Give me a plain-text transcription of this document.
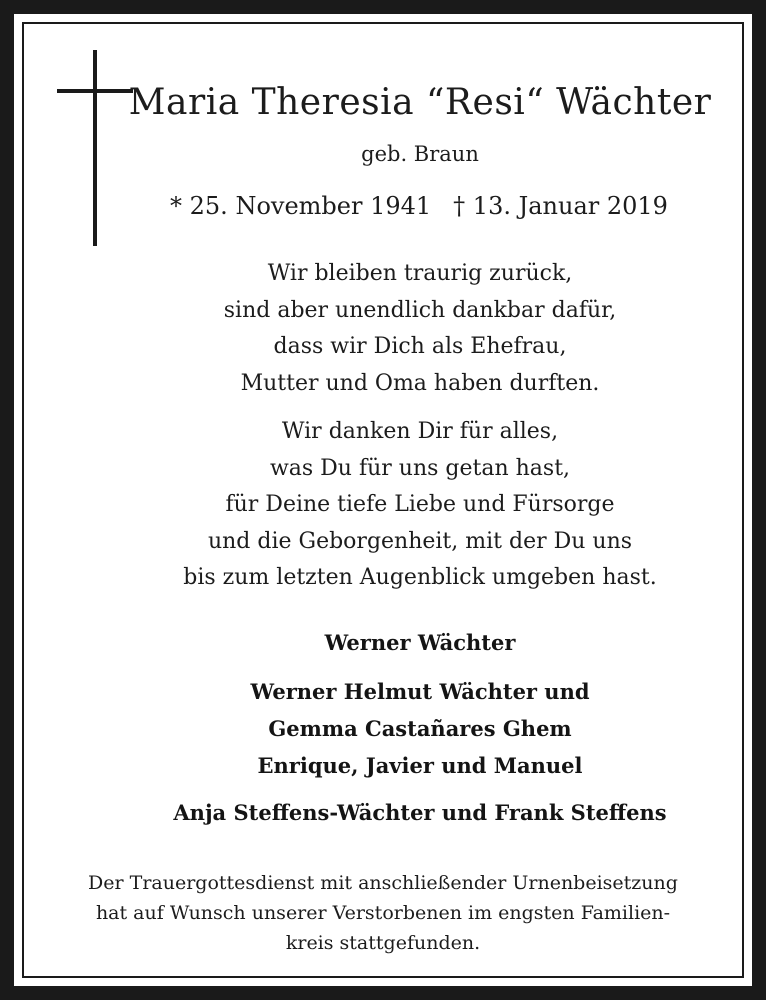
Maria Theresia “Resi“ Wächter
geb. Braun
* 25. November 1941 † 13. Januar 2019
Wir bleiben traurig zurück,
sind aber unendlich dankbar dafür,
dass wir Dich als Ehefrau,
Mutter und Oma haben durften.
Wir danken Dir für alles,
was Du für uns getan hast,
für Deine tiefe Liebe und Fürsorge
und die Geborgenheit, mit der Du uns
bis zum letzten Augenblick umgeben hast.
Werner Wächter
Werner Helmut Wächter und
Gemma Castañares Ghem
Enrique, Javier und Manuel
Anja Steffens-Wächter und Frank Steffens
Der Trauergottesdienst mit anschließender Urnenbeisetzung
hat auf Wunsch unserer Verstorbenen im engsten Familien-
kreis stattgefunden.
